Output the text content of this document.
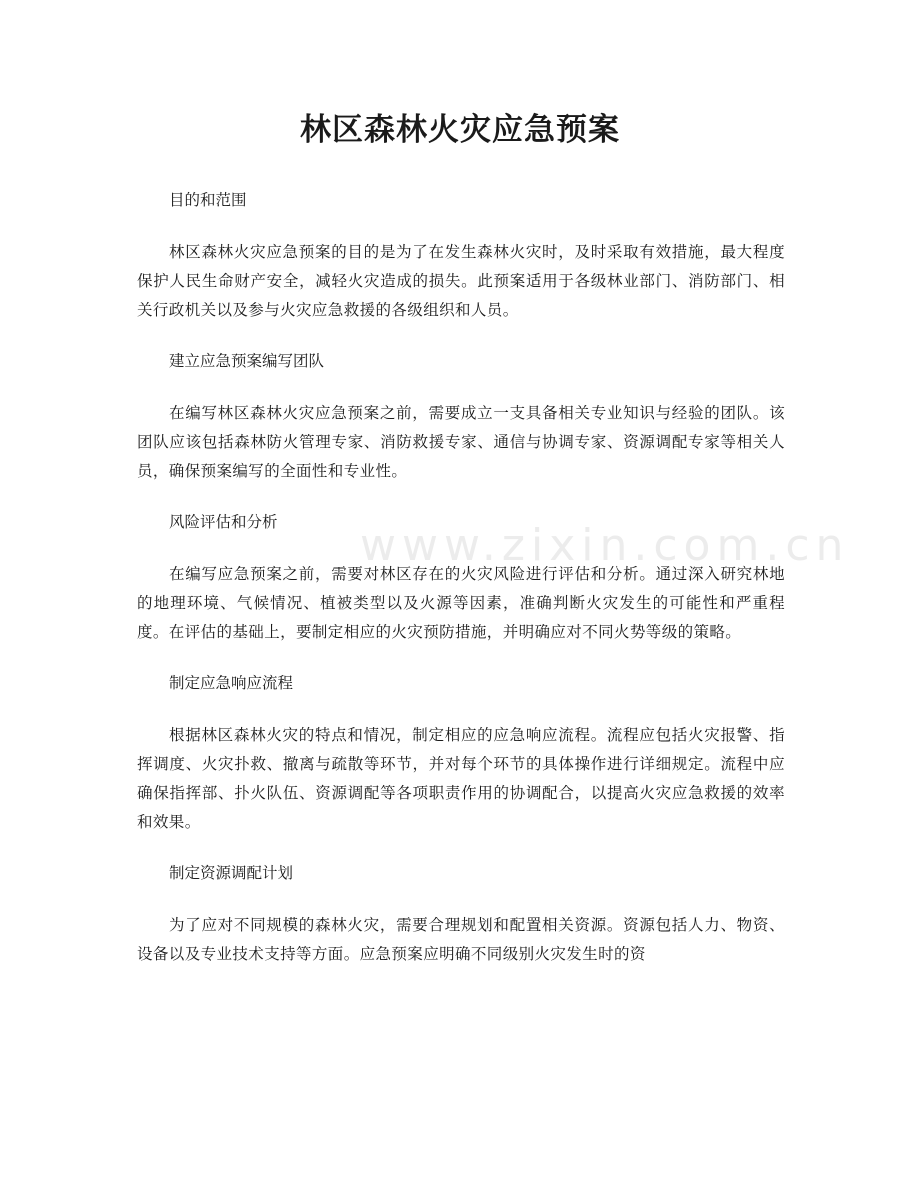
www.zixin.com.cn
林区森林火灾应急预案
目的和范围

林区森林火灾应急预案的目的是为了在发生森林火灾时，及时采取有效措施，最大程度保护人民生命财产安全，减轻火灾造成的损失。此预案适用于各级林业部门、消防部门、相关行政机关以及参与火灾应急救援的各级组织和人员。

建立应急预案编写团队

在编写林区森林火灾应急预案之前，需要成立一支具备相关专业知识与经验的团队。该团队应该包括森林防火管理专家、消防救援专家、通信与协调专家、资源调配专家等相关人员，确保预案编写的全面性和专业性。

风险评估和分析

在编写应急预案之前，需要对林区存在的火灾风险进行评估和分析。通过深入研究林地的地理环境、气候情况、植被类型以及火源等因素，准确判断火灾发生的可能性和严重程度。在评估的基础上，要制定相应的火灾预防措施，并明确应对不同火势等级的策略。

制定应急响应流程

根据林区森林火灾的特点和情况，制定相应的应急响应流程。流程应包括火灾报警、指挥调度、火灾扑救、撤离与疏散等环节，并对每个环节的具体操作进行详细规定。流程中应确保指挥部、扑火队伍、资源调配等各项职责作用的协调配合，以提高火灾应急救援的效率和效果。

制定资源调配计划

为了应对不同规模的森林火灾，需要合理规划和配置相关资源。资源包括人力、物资、设备以及专业技术支持等方面。应急预案应明确不同级别火灾发生时的资
